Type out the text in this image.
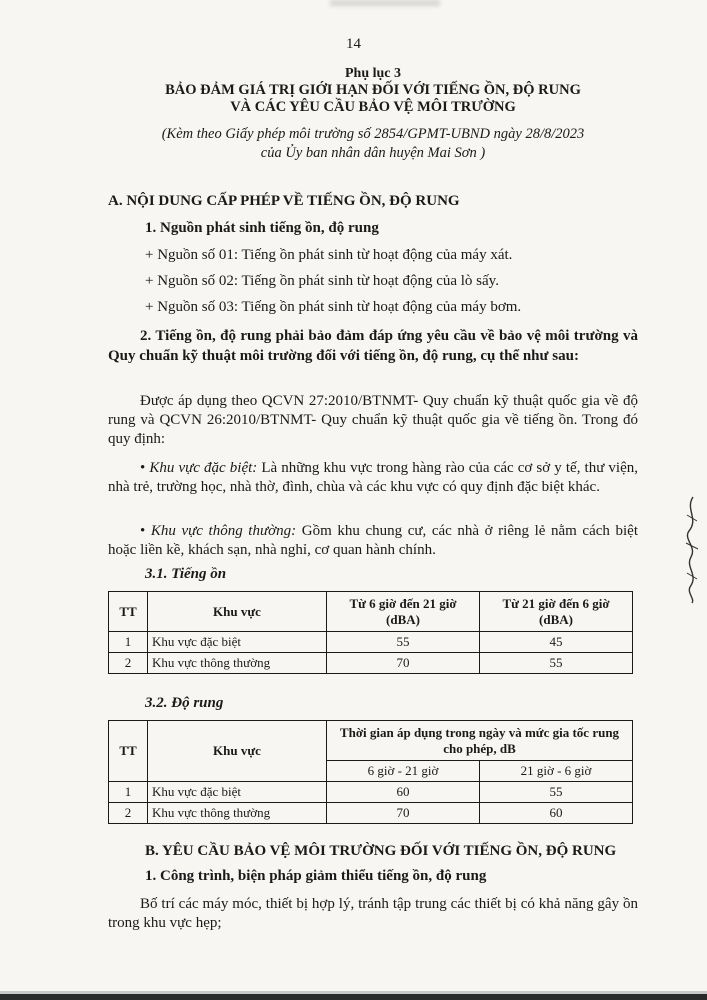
14
Phụ lục 3
BẢO ĐẢM GIÁ TRỊ GIỚI HẠN ĐỐI VỚI TIẾNG ỒN, ĐỘ RUNG
VÀ CÁC YÊU CẦU BẢO VỆ MÔI TRƯỜNG
(Kèm theo Giấy phép môi trường số 2854/GPMT-UBND ngày 28/8/2023
của Ủy ban nhân dân huyện Mai Sơn )
A. NỘI DUNG CẤP PHÉP VỀ TIẾNG ỒN, ĐỘ RUNG
1. Nguồn phát sinh tiếng ồn, độ rung
+ Nguồn số 01: Tiếng ồn phát sinh từ hoạt động của máy xát.
+ Nguồn số 02: Tiếng ồn phát sinh từ hoạt động của lò sấy.
+ Nguồn số 03: Tiếng ồn phát sinh từ hoạt động của máy bơm.

2. Tiếng ồn, độ rung phải bảo đảm đáp ứng yêu cầu về bảo vệ môi trường và Quy chuẩn kỹ thuật môi trường đối với tiếng ồn, độ rung, cụ thể như sau:

Được áp dụng theo QCVN 27:2010/BTNMT- Quy chuẩn kỹ thuật quốc gia về độ rung và QCVN 26:2010/BTNMT- Quy chuẩn kỹ thuật quốc gia về tiếng ồn. Trong đó quy định:

• Khu vực đặc biệt: Là những khu vực trong hàng rào của các cơ sở y tế, thư viện, nhà trẻ, trường học, nhà thờ, đình, chùa và các khu vực có quy định đặc biệt khác.

• Khu vực thông thường: Gồm khu chung cư, các nhà ở riêng lẻ nằm cách biệt hoặc liền kề, khách sạn, nhà nghỉ, cơ quan hành chính.

3.1. Tiếng ồn
TT	Khu vực	Từ 6 giờ đến 21 giờ (dBA)	Từ 21 giờ đến 6 giờ (dBA)
1	Khu vực đặc biệt	55	45
2	Khu vực thông thường	70	55
3.2. Độ rung
TT	Khu vực	Thời gian áp dụng trong ngày và mức gia tốc rung cho phép, dB	
		6 giờ - 21 giờ	21 giờ - 6 giờ
1	Khu vực đặc biệt	60	55
2	Khu vực thông thường	70	60
B. YÊU CẦU BẢO VỆ MÔI TRƯỜNG ĐỐI VỚI TIẾNG ỒN, ĐỘ RUNG
1. Công trình, biện pháp giảm thiểu tiếng ồn, độ rung

Bố trí các máy móc, thiết bị hợp lý, tránh tập trung các thiết bị có khả năng gây ồn trong khu vực hẹp;
